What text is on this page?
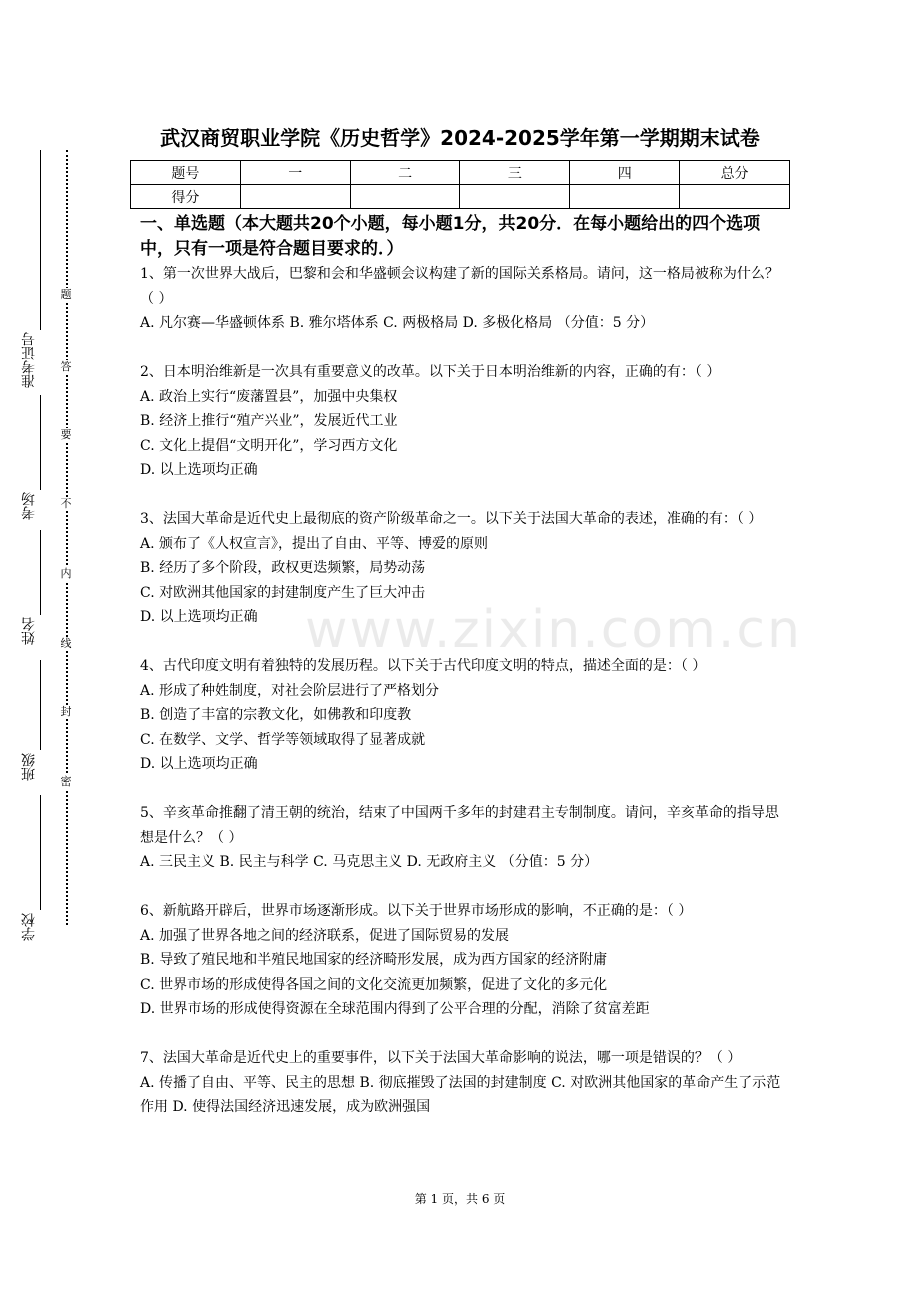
武汉商贸职业学院《历史哲学》2024-2025学年第一学期期末试卷
题号	一	二	三	四	总分
得分					
一、单选题（本大题共20个小题，每小题1分，共20分．在每小题给出的四个选项中，只有一项是符合题目要求的．）

1、第一次世界大战后，巴黎和会和华盛顿会议构建了新的国际关系格局。请问，这一格局被称为什么？（ ）

A. 凡尔赛—华盛顿体系 B. 雅尔塔体系 C. 两极格局 D. 多极化格局 （分值：5 分）

2、日本明治维新是一次具有重要意义的改革。以下关于日本明治维新的内容，正确的有：（ ）

A. 政治上实行“废藩置县”，加强中央集权

B. 经济上推行“殖产兴业”，发展近代工业

C. 文化上提倡“文明开化”，学习西方文化

D. 以上选项均正确

3、法国大革命是近代史上最彻底的资产阶级革命之一。以下关于法国大革命的表述，准确的有：（ ）

A. 颁布了《人权宣言》，提出了自由、平等、博爱的原则

B. 经历了多个阶段，政权更迭频繁，局势动荡

C. 对欧洲其他国家的封建制度产生了巨大冲击

D. 以上选项均正确

4、古代印度文明有着独特的发展历程。以下关于古代印度文明的特点，描述全面的是：（ ）

A. 形成了种姓制度，对社会阶层进行了严格划分

B. 创造了丰富的宗教文化，如佛教和印度教

C. 在数学、文学、哲学等领域取得了显著成就

D. 以上选项均正确

5、辛亥革命推翻了清王朝的统治，结束了中国两千多年的封建君主专制制度。请问，辛亥革命的指导思想是什么？（ ）

A. 三民主义 B. 民主与科学 C. 马克思主义 D. 无政府主义 （分值：5 分）

6、新航路开辟后，世界市场逐渐形成。以下关于世界市场形成的影响，不正确的是：（ ）

A. 加强了世界各地之间的经济联系，促进了国际贸易的发展

B. 导致了殖民地和半殖民地国家的经济畸形发展，成为西方国家的经济附庸

C. 世界市场的形成使得各国之间的文化交流更加频繁，促进了文化的多元化

D. 世界市场的形成使得资源在全球范围内得到了公平合理的分配，消除了贫富差距

7、法国大革命是近代史上的重要事件，以下关于法国大革命影响的说法，哪一项是错误的？（ ）

A. 传播了自由、平等、民主的思想 B. 彻底摧毁了法国的封建制度 C. 对欧洲其他国家的革命产生了示范作用 D. 使得法国经济迅速发展，成为欧洲强国

第 1 页，共 6 页
准考证号
考场
姓名
班级
学校
题
答
要
不
内
线
封
密
www.zixin.com.cn
